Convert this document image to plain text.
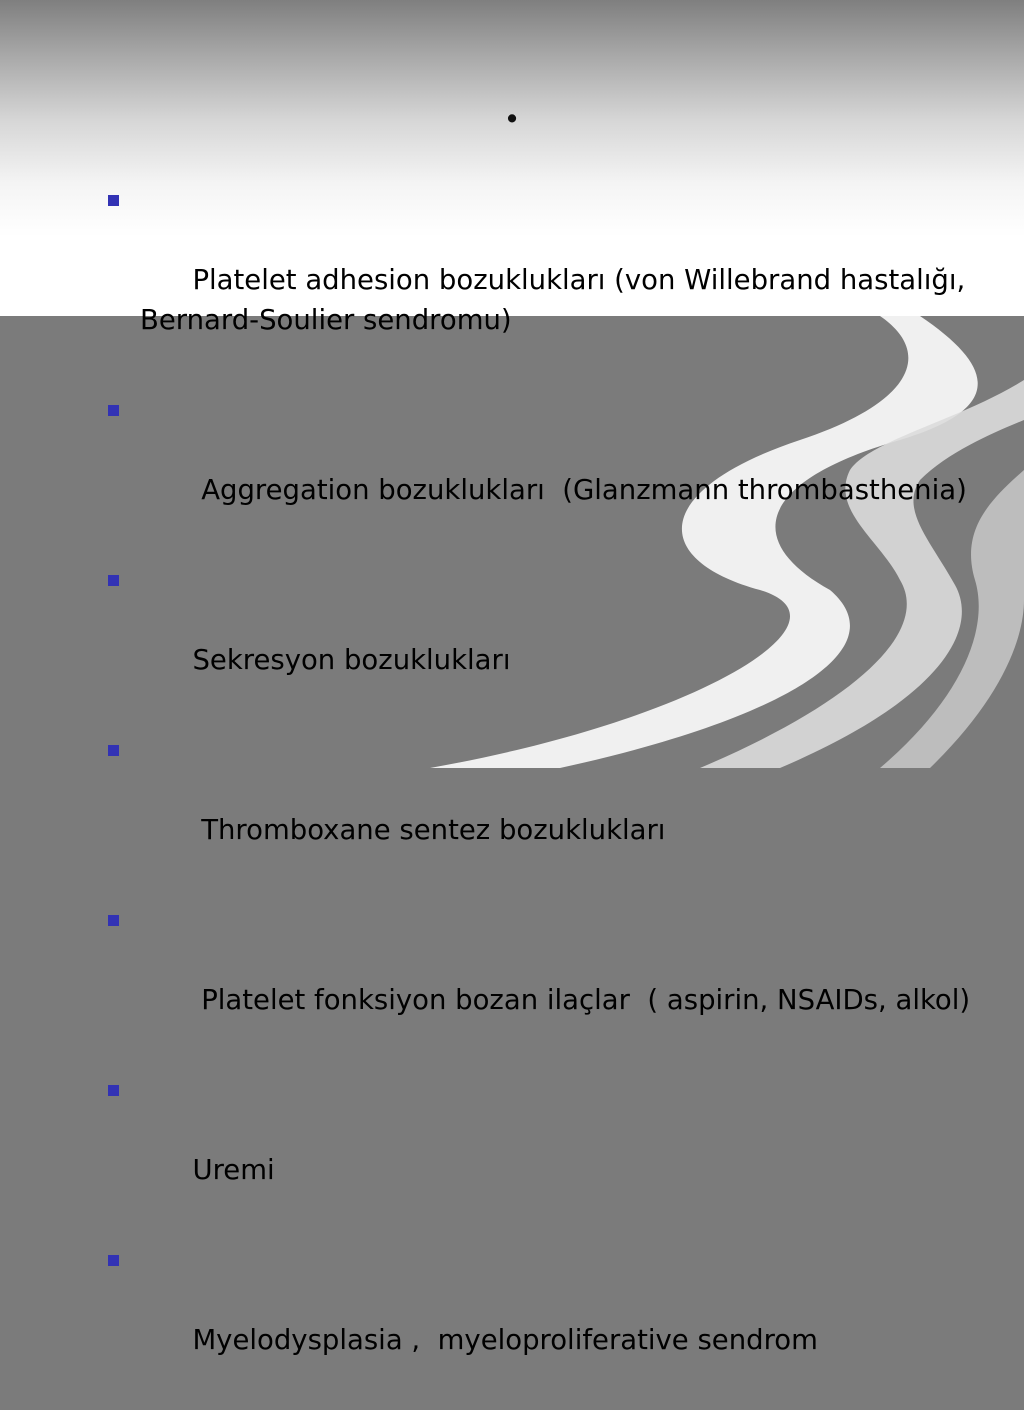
.

Platelet adhesion bozuklukları (von Willebrand hastalığı, Bernard-Soulier sendromu)

Aggregation bozuklukları  (Glanzmann thrombasthenia)

Sekresyon bozuklukları

Thromboxane sentez bozuklukları

Platelet fonksiyon bozan ilaçlar  ( aspirin, NSAIDs, alkol)

Uremi

Myelodysplasia ,  myeloproliferative sendrom
